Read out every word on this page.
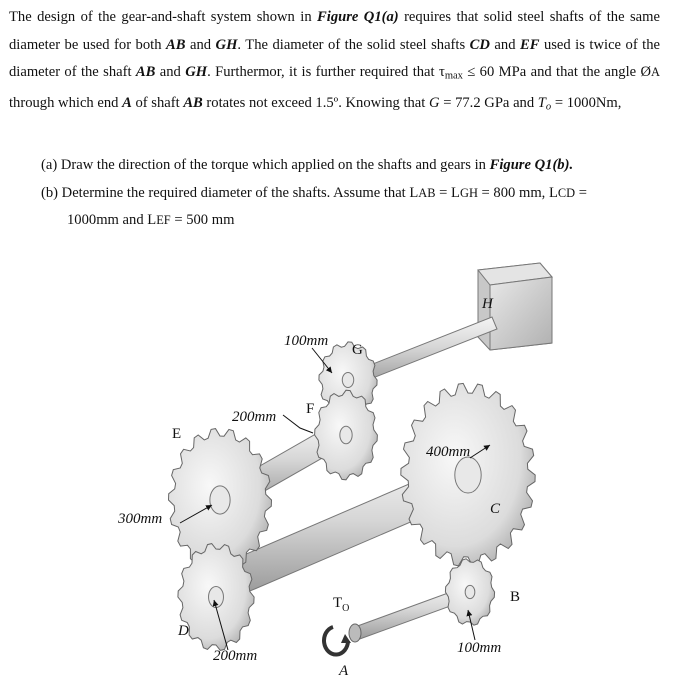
The design of the gear-and-shaft system shown in Figure Q1(a) requires that solid steel shafts of the same diameter be used for both AB and GH. The diameter of the solid steel shafts CD and EF used is twice of the diameter of the shaft AB and GH. Furthermor, it is further required that $\tau_{max} \le 60$ MPa and that the angle ØA through which end A of shaft AB rotates not exceed 1.5º. Knowing that G = 77.2 GPa and $T_o = 1000Nm$,
(a) Draw the direction of the torque which applied on the shafts and gears in Figure Q1(b).
(b) Determine the required diameter of the shafts. Assume that LAB = LGH = 800 mm, LCD =
1000mm and LEF = 500 mm
H
G
F
E
C
B
D
A
$T_O$
100mm
200mm
400mm
300mm
200mm	100mm
